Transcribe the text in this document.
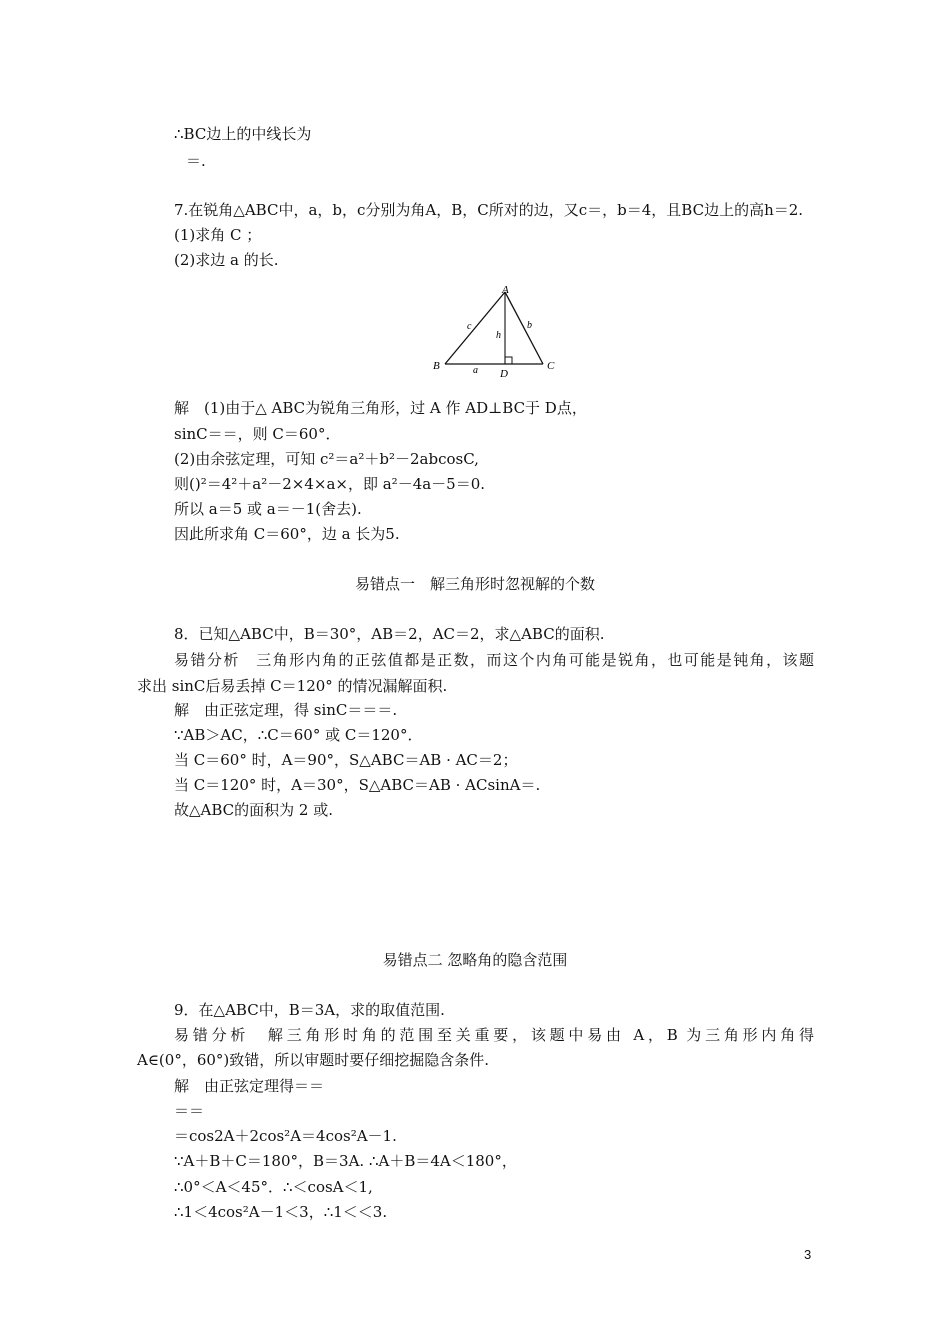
∴BC边上的中线长为
＝.
7.在锐角△ABC中，a，b，c分别为角A，B，C所对的边，又c＝，b＝4，且BC边上的高h＝2.
(1)求角 C ；
(2)求边 a 的长.
A
B	C
D
a
b
c
h
解　(1)由于△ ABC为锐角三角形，过 A 作 AD⊥BC于 D点，
sinC＝＝，则 C＝60°．
(2)由余弦定理，可知 c²＝a²＋b²－2abcosC,
则()²＝4²＋a²－2×4×a×，即 a²－4a－5＝0.
所以 a＝5 或 a＝－1(舍去).
因此所求角 C＝60°，边 a 长为5.
易错点一　解三角形时忽视解的个数
8．已知△ABC中，B＝30°，AB＝2，AC＝2，求△ABC的面积.
易错分析　三角形内角的正弦值都是正数，而这个内角可能是锐角，也可能是钝角，该题
求出 sinC后易丢掉 C＝120° 的情况漏解面积.
解　由正弦定理，得 sinC＝＝＝.
∵AB＞AC，∴C＝60° 或 C＝120°．
当 C＝60° 时，A＝90°，S△ABC＝AB · AC＝2；
当 C＝120° 时，A＝30°，S△ABC＝AB · ACsinA＝.
故△ABC的面积为 2 或.
易错点二 忽略角的隐含范围
9．在△ABC中，B＝3A，求的取值范围.
易错分析　解三角形时角的范围至关重要，该题中易由 A，B 为三角形内角得
A∈(0°，60°)致错，所以审题时要仔细挖掘隐含条件.
解　由正弦定理得＝＝
＝＝
＝cos2A＋2cos²A＝4cos²A－1.
∵A＋B＋C＝180°，B＝3A. ∴A＋B＝4A＜180°，
∴0°＜A＜45°．∴＜cosA＜1,
∴1＜4cos²A－1＜3，∴1＜＜3.
3
